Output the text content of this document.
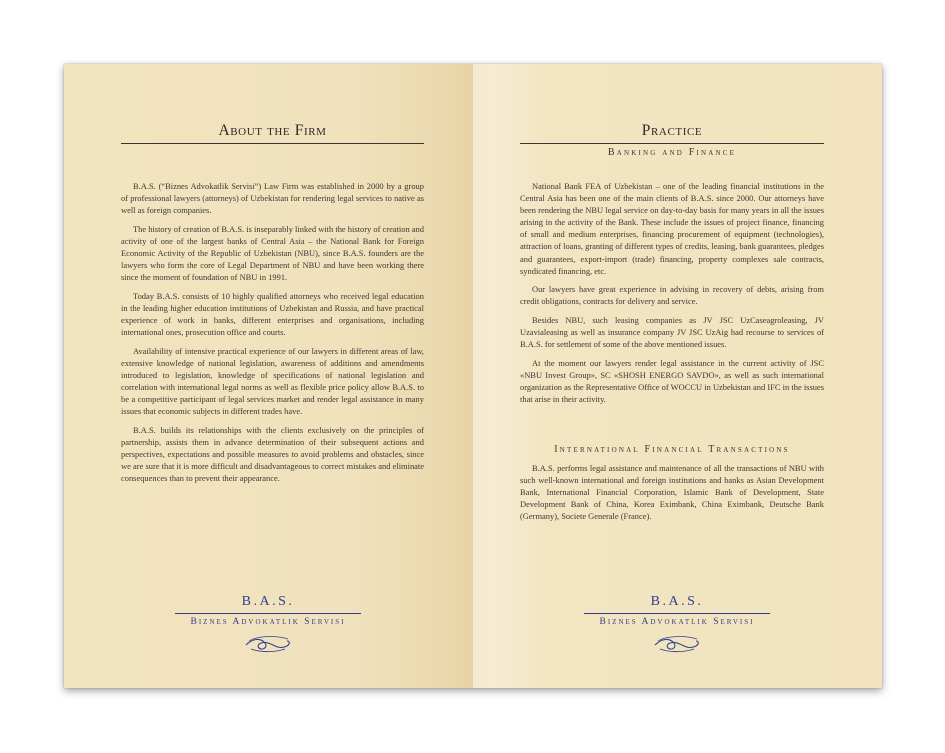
About the Firm

B.A.S. (“Biznes Advokatlik Servisi”) Law Firm was established in 2000 by a group of professional lawyers (attorneys) of Uzbekistan for rendering legal services to native as well as foreign companies.

The history of creation of B.A.S. is inseparably linked with the history of creation and activity of one of the largest banks of Central Asia – the National Bank for Foreign Economic Activity of the Republic of Uzbekistan (NBU), since B.A.S. founders are the lawyers who form the core of Legal Department of NBU and have been working there since the moment of foundation of NBU in 1991.

Today B.A.S. consists of 10 highly qualified attorneys who received legal education in the leading higher education institutions of Uzbekistan and Russia, and have practical experience of work in banks, different enterprises and organisations, including international ones, prosecution office and courts.

Availability of intensive practical experience of our lawyers in different areas of law, extensive knowledge of national legislation, awareness of additions and amendments introduced to legislation, knowledge of specifications of national legislation and correlation with international legal norms as well as flexible price policy allow B.A.S. to be a competitive participant of legal services market and render legal assistance in many issues that economic subjects in different trades have.

B.A.S. builds its relationships with the clients exclusively on the principles of partnership, assists them in advance determination of their subsequent actions and perspectives, expectations and possible measures to avoid problems and obstacles, since we are sure that it is more difficult and disadvantageous to correct mistakes and eliminate consequences than to prevent their appearance.

B.A.S.
Biznes Advokatlik Servisi
Practice
Banking and Finance

National Bank FEA of Uzbekistan – one of the leading financial institutions in the Central Asia has been one of the main clients of B.A.S. since 2000. Our attorneys have been rendering the NBU legal service on day-to-day basis for many years in all the issues arising in the activity of the Bank. These include the issues of project finance, financing of small and medium enterprises, financing procurement of equipment (technologies), attraction of loans, granting of different types of credits, leasing, bank guarantees, pledges and guarantees, export-import (trade) financing, property complexes sale contracts, syndicated financing, etc.

Our lawyers have great experience in advising in recovery of debts, arising from credit obligations, contracts for delivery and service.

Besides NBU, such leasing companies as JV JSC UzCaseagroleasing, JV Uzavialeasing as well as insurance company JV JSC UzAig had recourse to services of B.A.S. for settlement of some of the above mentioned issues.

At the moment our lawyers render legal assistance in the current activity of JSC «NBU Invest Group», SC «SHOSH ENERGO SAVDO», as well as such international organization as the Representative Office of WOCCU in Uzbekistan and IFC in the issues that arise in their activity.

International Financial Transactions

B.A.S. performs legal assistance and maintenance of all the transactions of NBU with such well-known international and foreign institutions and banks as Asian Development Bank, International Financial Corporation, Islamic Bank of Development, State Development Bank of China, Korea Eximbank, China Eximbank, Deutsche Bank (Germany), Societe Generale (France).

B.A.S.
Biznes Advokatlik Servisi
